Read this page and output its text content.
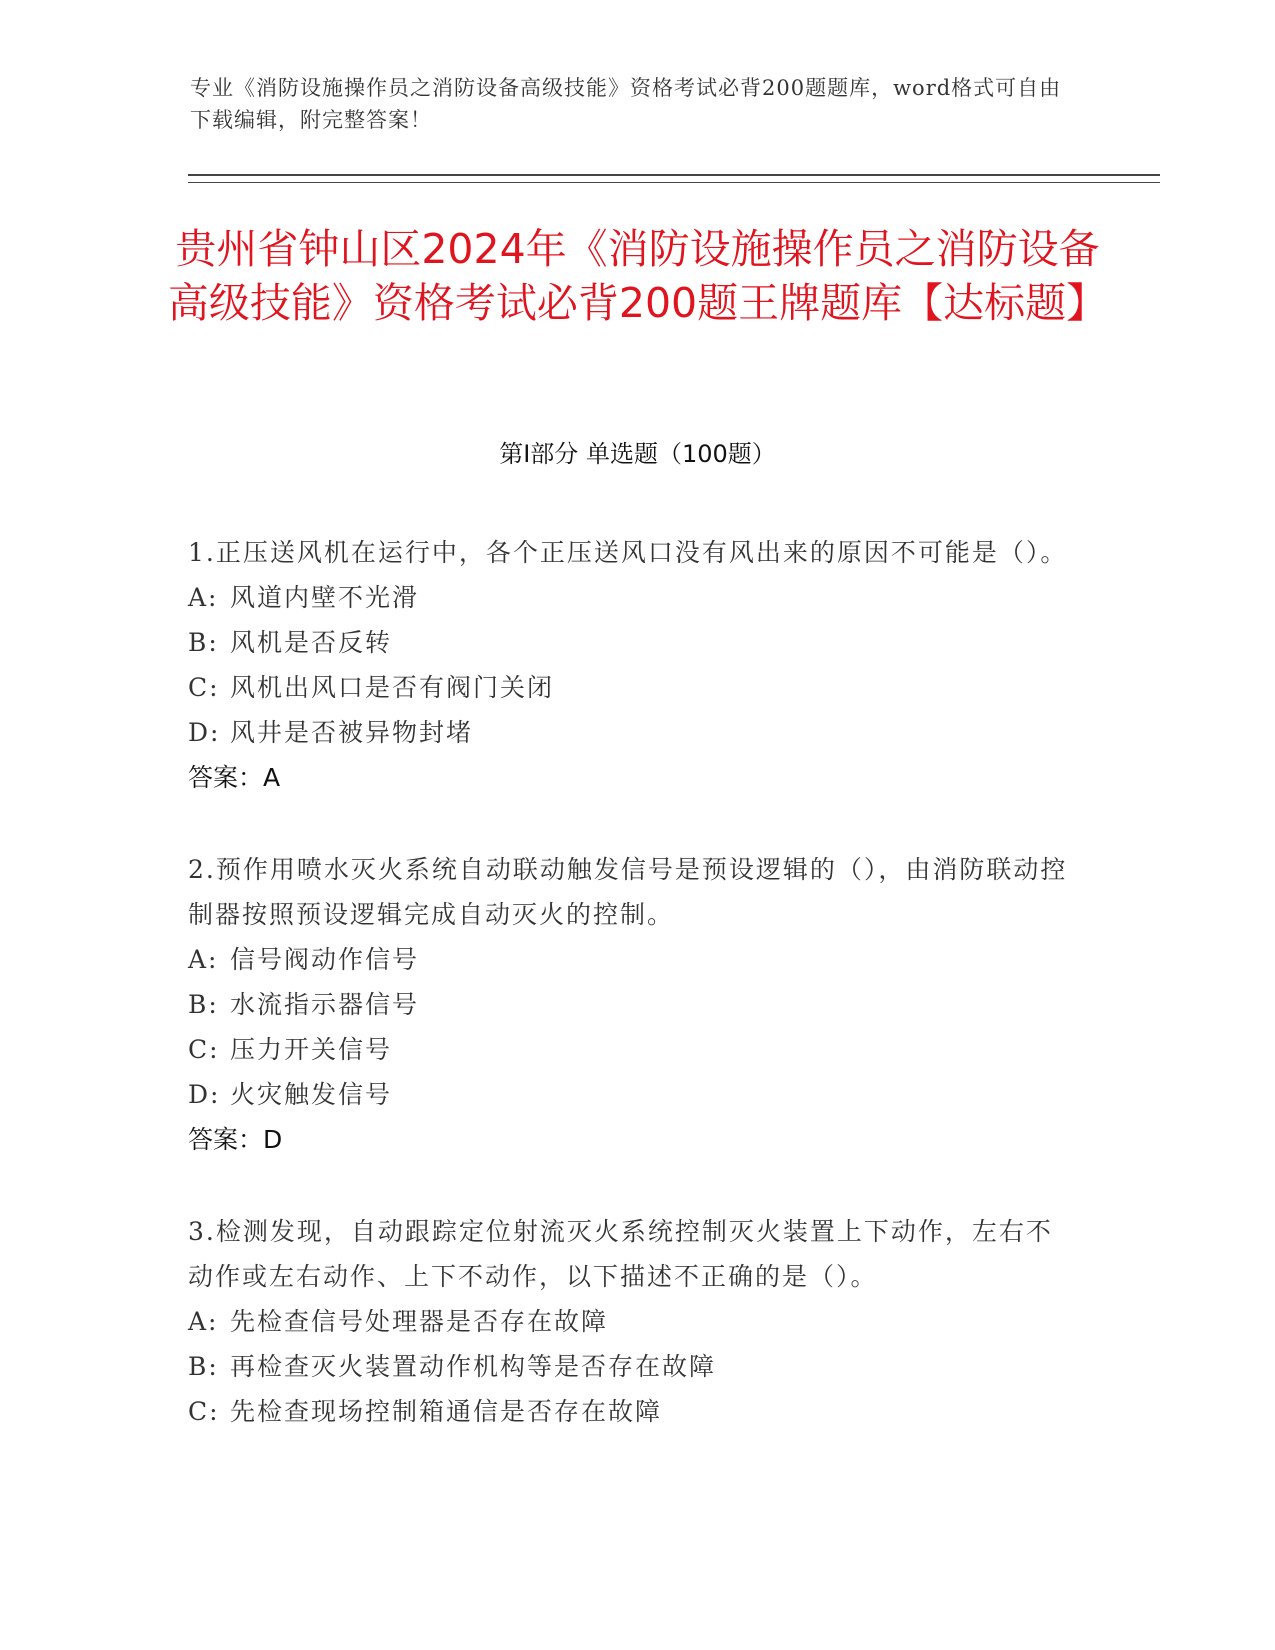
专业《消防设施操作员之消防设备高级技能》资格考试必背200题题库，word格式可自由下载编辑，附完整答案！
贵州省钟山区2024年《消防设施操作员之消防设备高级技能》资格考试必背200题王牌题库【达标题】
第I部分 单选题（100题）
1.正压送风机在运行中，各个正压送风口没有风出来的原因不可能是（）。
A: 风道内壁不光滑
B: 风机是否反转
C: 风机出风口是否有阀门关闭
D: 风井是否被异物封堵
答案：A
2.预作用喷水灭火系统自动联动触发信号是预设逻辑的（），由消防联动控制器按照预设逻辑完成自动灭火的控制。
A: 信号阀动作信号
B: 水流指示器信号
C: 压力开关信号
D: 火灾触发信号
答案：D
3.检测发现，自动跟踪定位射流灭火系统控制灭火装置上下动作，左右不动作或左右动作、上下不动作，以下描述不正确的是（）。
A: 先检查信号处理器是否存在故障
B: 再检查灭火装置动作机构等是否存在故障
C: 先检查现场控制箱通信是否存在故障
